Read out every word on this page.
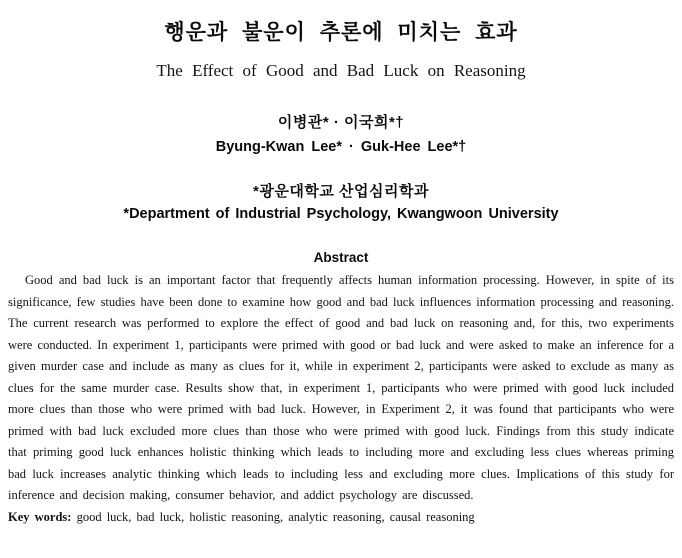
행운과 불운이 추론에 미치는 효과
The Effect of Good and Bad Luck on Reasoning
이병관* · 이국희*†
Byung-Kwan Lee* · Guk-Hee Lee*†
*광운대학교 산업심리학과
*Department of Industrial Psychology, Kwangwoon University
Abstract

Good and bad luck is an important factor that frequently affects human information processing. However, in spite of its significance, few studies have been done to examine how good and bad luck influences information processing and reasoning. The current research was performed to explore the effect of good and bad luck on reasoning and, for this, two experiments were conducted. In experiment 1, participants were primed with good or bad luck and were asked to make an inference for a given murder case and include as many as clues for it, while in experiment 2, participants were asked to exclude as many as clues for the same murder case. Results show that, in experiment 1, participants who were primed with good luck included more clues than those who were primed with bad luck. However, in Experiment 2, it was found that participants who were primed with bad luck excluded more clues than those who were primed with good luck. Findings from this study indicate that priming good luck enhances holistic thinking which leads to including more and excluding less clues whereas priming bad luck increases analytic thinking which leads to including less and excluding more clues. Implications of this study for inference and decision making, consumer behavior, and addict psychology are discussed.

Key words: good luck, bad luck, holistic reasoning, analytic reasoning, causal reasoning
